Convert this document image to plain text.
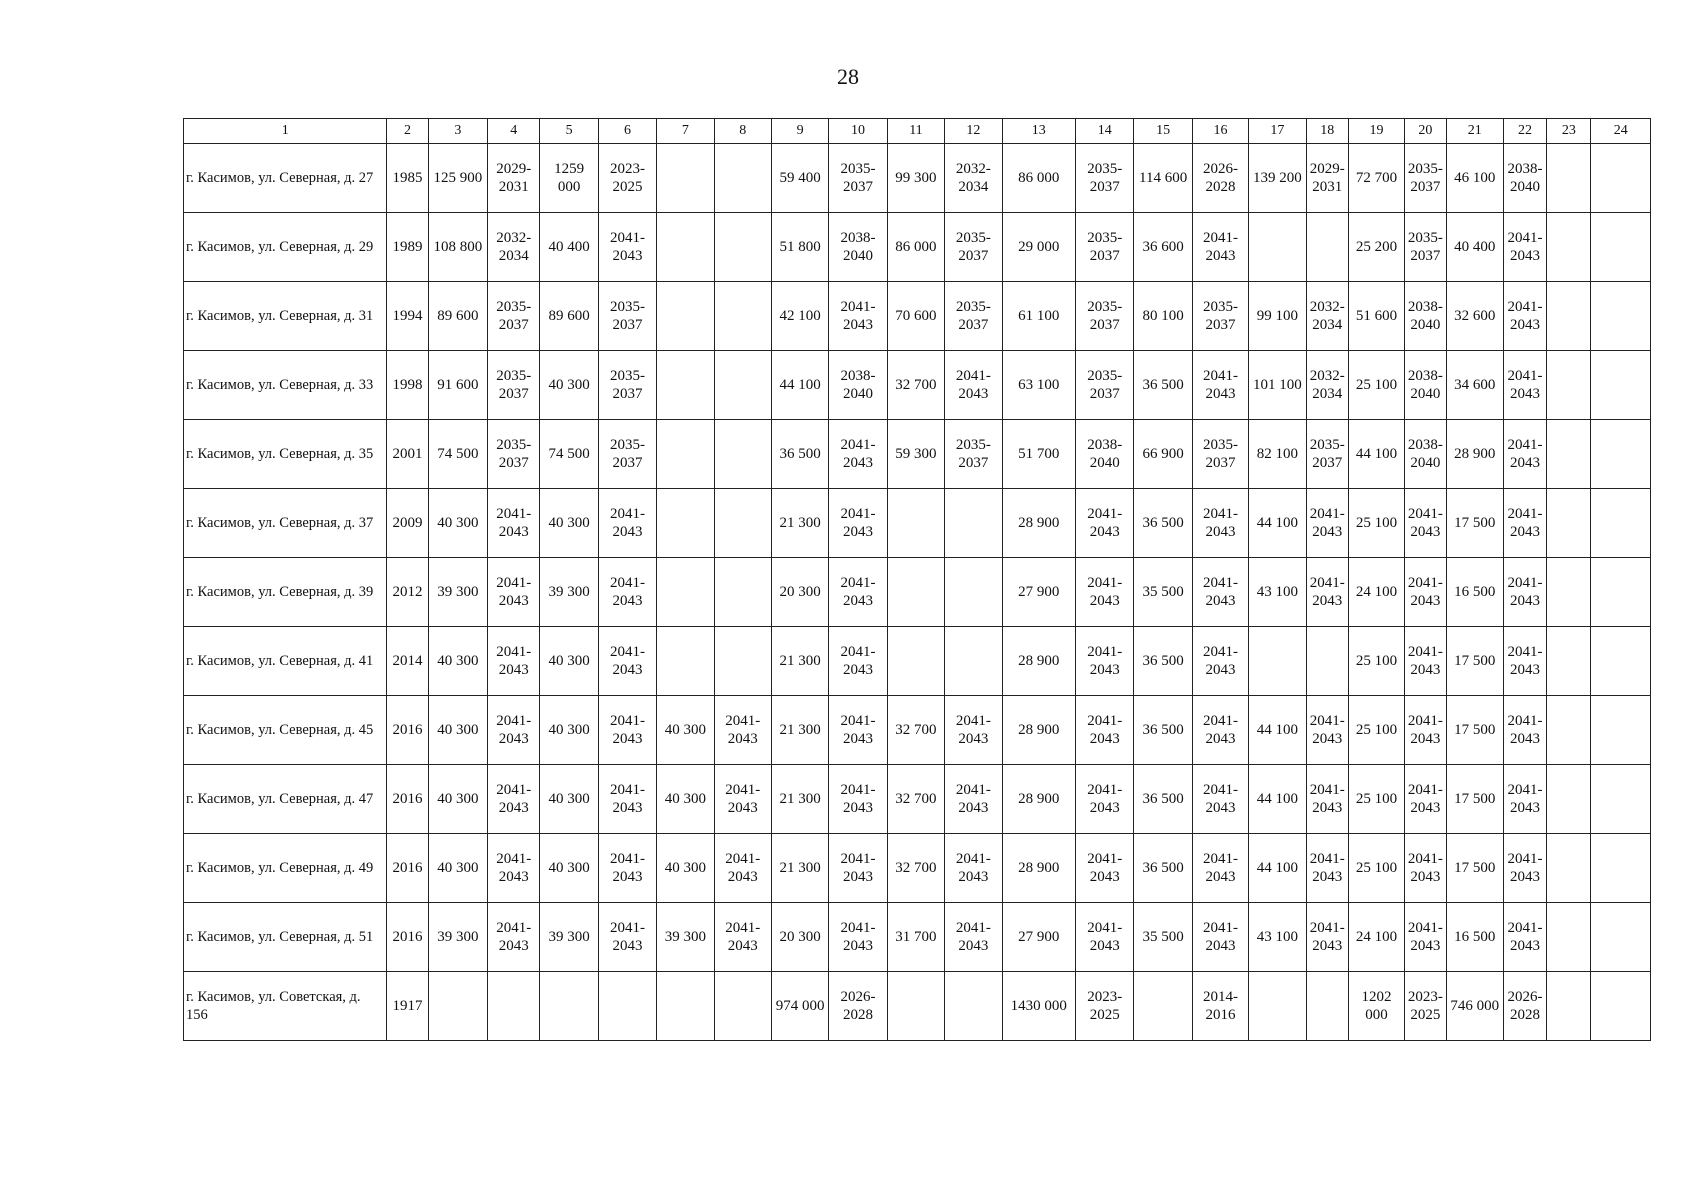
28
1	2	3	4	5	6	7	8	9	10	11	12	13	14	15	16	17	18	19	20	21	22	23	24
г. Касимов, ул. Северная, д. 27	1985	125 900	2029-2031	1259 000	2023-2025			59 400	2035-2037	99 300	2032-2034	86 000	2035-2037	114 600	2026-2028	139 200	2029-2031	72 700	2035-2037	46 100	2038-2040		
г. Касимов, ул. Северная, д. 29	1989	108 800	2032-2034	40 400	2041-2043			51 800	2038-2040	86 000	2035-2037	29 000	2035-2037	36 600	2041-2043			25 200	2035-2037	40 400	2041-2043		
г. Касимов, ул. Северная, д. 31	1994	89 600	2035-2037	89 600	2035-2037			42 100	2041-2043	70 600	2035-2037	61 100	2035-2037	80 100	2035-2037	99 100	2032-2034	51 600	2038-2040	32 600	2041-2043		
г. Касимов, ул. Северная, д. 33	1998	91 600	2035-2037	40 300	2035-2037			44 100	2038-2040	32 700	2041-2043	63 100	2035-2037	36 500	2041-2043	101 100	2032-2034	25 100	2038-2040	34 600	2041-2043		
г. Касимов, ул. Северная, д. 35	2001	74 500	2035-2037	74 500	2035-2037			36 500	2041-2043	59 300	2035-2037	51 700	2038-2040	66 900	2035-2037	82 100	2035-2037	44 100	2038-2040	28 900	2041-2043		
г. Касимов, ул. Северная, д. 37	2009	40 300	2041-2043	40 300	2041-2043			21 300	2041-2043			28 900	2041-2043	36 500	2041-2043	44 100	2041-2043	25 100	2041-2043	17 500	2041-2043		
г. Касимов, ул. Северная, д. 39	2012	39 300	2041-2043	39 300	2041-2043			20 300	2041-2043			27 900	2041-2043	35 500	2041-2043	43 100	2041-2043	24 100	2041-2043	16 500	2041-2043		
г. Касимов, ул. Северная, д. 41	2014	40 300	2041-2043	40 300	2041-2043			21 300	2041-2043			28 900	2041-2043	36 500	2041-2043			25 100	2041-2043	17 500	2041-2043		
г. Касимов, ул. Северная, д. 45	2016	40 300	2041-2043	40 300	2041-2043	40 300	2041-2043	21 300	2041-2043	32 700	2041-2043	28 900	2041-2043	36 500	2041-2043	44 100	2041-2043	25 100	2041-2043	17 500	2041-2043		
г. Касимов, ул. Северная, д. 47	2016	40 300	2041-2043	40 300	2041-2043	40 300	2041-2043	21 300	2041-2043	32 700	2041-2043	28 900	2041-2043	36 500	2041-2043	44 100	2041-2043	25 100	2041-2043	17 500	2041-2043		
г. Касимов, ул. Северная, д. 49	2016	40 300	2041-2043	40 300	2041-2043	40 300	2041-2043	21 300	2041-2043	32 700	2041-2043	28 900	2041-2043	36 500	2041-2043	44 100	2041-2043	25 100	2041-2043	17 500	2041-2043		
г. Касимов, ул. Северная, д. 51	2016	39 300	2041-2043	39 300	2041-2043	39 300	2041-2043	20 300	2041-2043	31 700	2041-2043	27 900	2041-2043	35 500	2041-2043	43 100	2041-2043	24 100	2041-2043	16 500	2041-2043		
г. Касимов, ул. Советская, д. 156	1917							974 000	2026-2028			1430 000	2023-2025		2014-2016			1202 000	2023-2025	746 000	2026-2028		
